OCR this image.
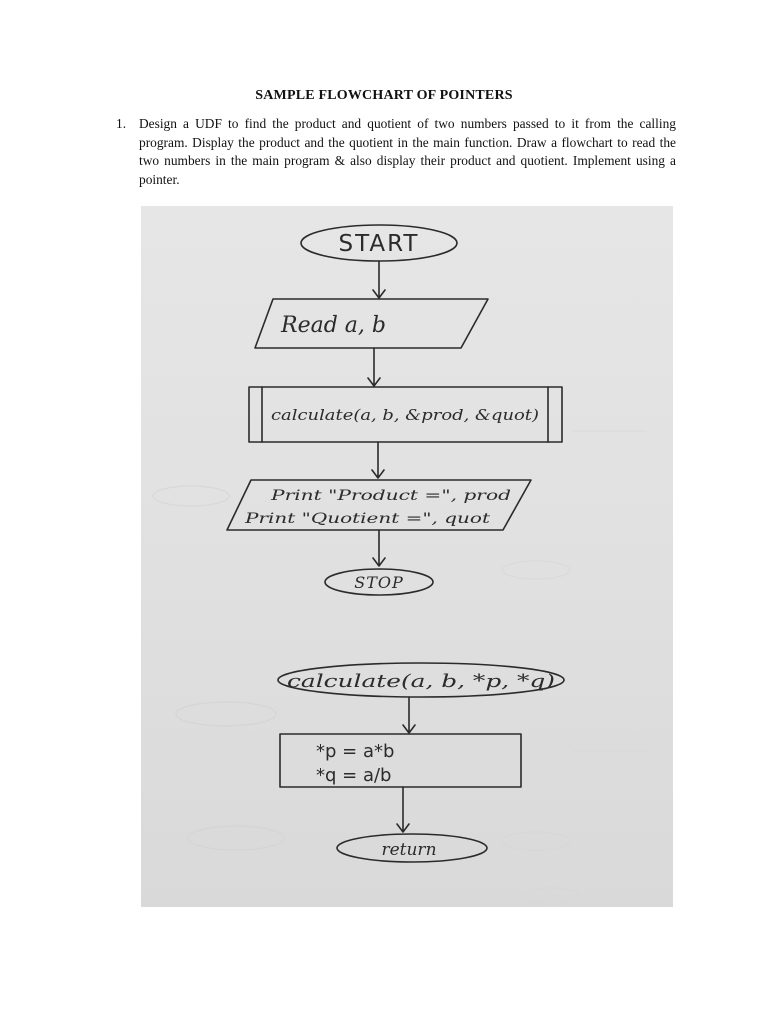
SAMPLE FLOWCHART OF POINTERS
1. Design a UDF to find the product and quotient of two numbers passed to it from the calling program. Display the product and the quotient in the main function. Draw a flowchart to read the two numbers in the main program & also display their product and quotient. Implement using a pointer.
START
Read a, b
calculate(a, b, &prod, &quot)
Print "Product =", prod
Print "Quotient =", quot
STOP
calculate(a, b, *p, *q)
*p = a*b
*q = a/b
return
